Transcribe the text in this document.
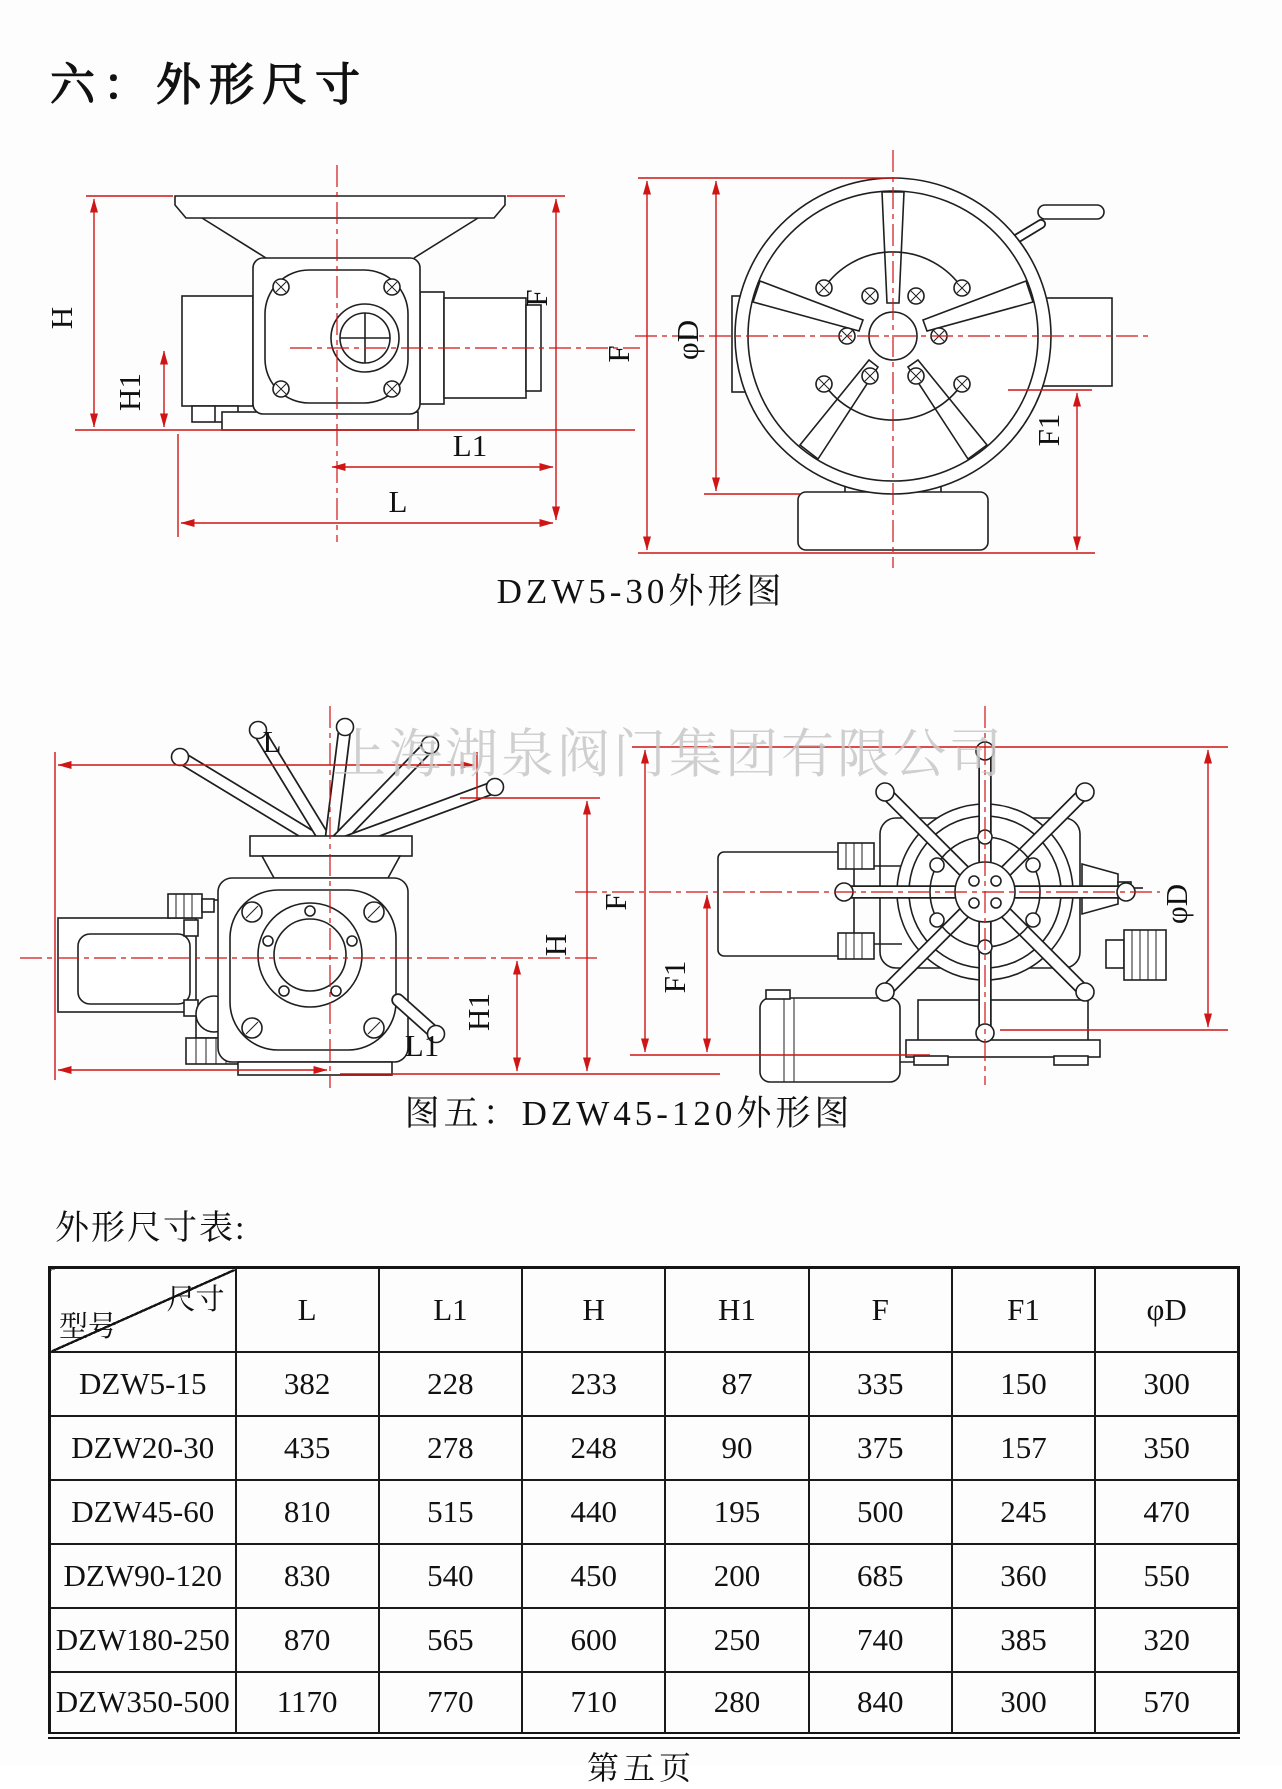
六：外形尺寸
H
H1
F
L1
L
F φD
F1
DZW5-30外形图
上海湖泉阀门集团有限公司
L
L1
H
H1
F
F1
φD
图五：DZW45-120外形图
外形尺寸表:
尺寸
型号	L	L1	H	H1	F	F1	φD
DZW5-15	382	228	233	87	335	150	300
DZW20-30	435	278	248	90	375	157	350
DZW45-60	810	515	440	195	500	245	470
DZW90-120	830	540	450	200	685	360	550
DZW180-250	870	565	600	250	740	385	320
DZW350-500	1170	770	710	280	840	300	570
第五页
